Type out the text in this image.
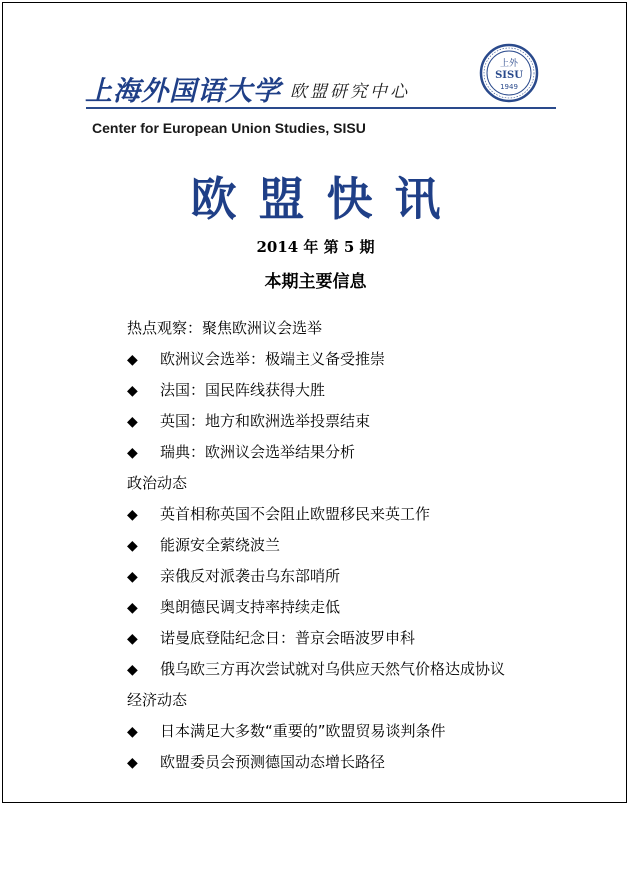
上海外国语大学 欧盟研究中心
上外
SISU
1949
Center for European Union Studies, SISU
欧盟快讯
2014 年 第 5 期
本期主要信息
热点观察：聚焦欧洲议会选举
◆ 欧洲议会选举：极端主义备受推崇
◆ 法国：国民阵线获得大胜
◆ 英国：地方和欧洲选举投票结束
◆ 瑞典：欧洲议会选举结果分析
政治动态
◆ 英首相称英国不会阻止欧盟移民来英工作
◆ 能源安全萦绕波兰
◆ 亲俄反对派袭击乌东部哨所
◆ 奥朗德民调支持率持续走低
◆ 诺曼底登陆纪念日：普京会晤波罗申科
◆ 俄乌欧三方再次尝试就对乌供应天然气价格达成协议
经济动态
◆ 日本满足大多数“重要的”欧盟贸易谈判条件
◆ 欧盟委员会预测德国动态增长路径
